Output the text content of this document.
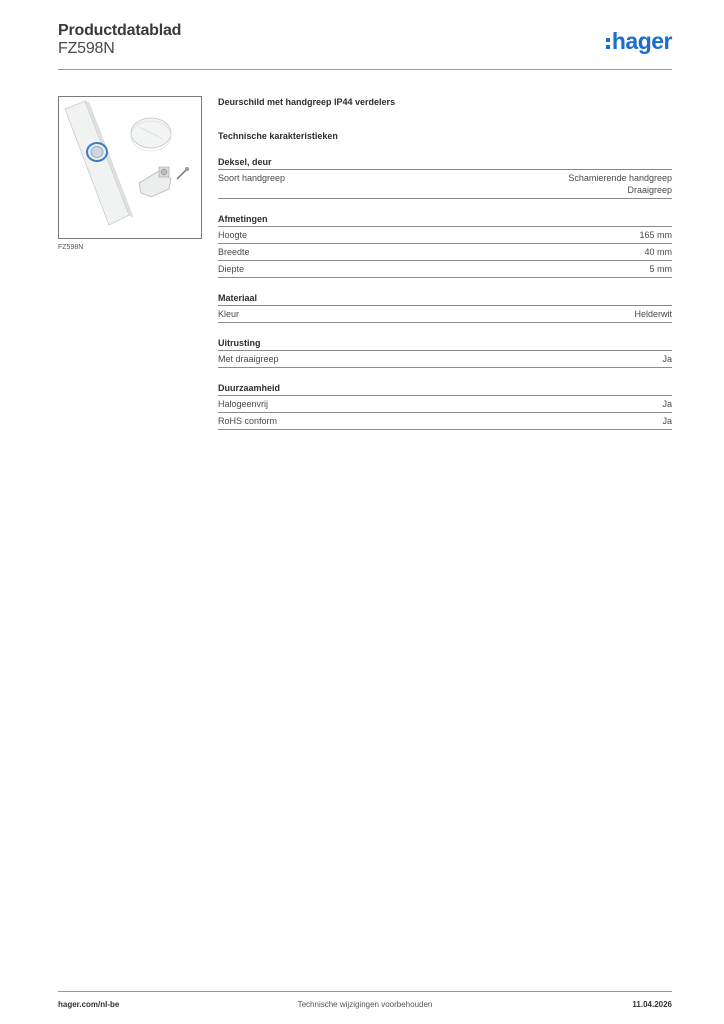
Productdatablad
FZ598N	hager
FZ598N
Deurschild met handgreep IP44 verdelers
Technische karakteristieken
Deksel, deur
Soort handgreep	Schamierende handgreep
Draaigreep
Afmetingen
Hoogte	165 mm
Breedte	40 mm
Diepte	5 mm
Materiaal
Kleur	Helderwit
Uitrusting
Met draaigreep	Ja
Duurzaamheid
Halogeenvrij	Ja
RoHS conform	Ja
hager.com/nl-be	Technische wijzigingen voorbehouden	11.04.2026
